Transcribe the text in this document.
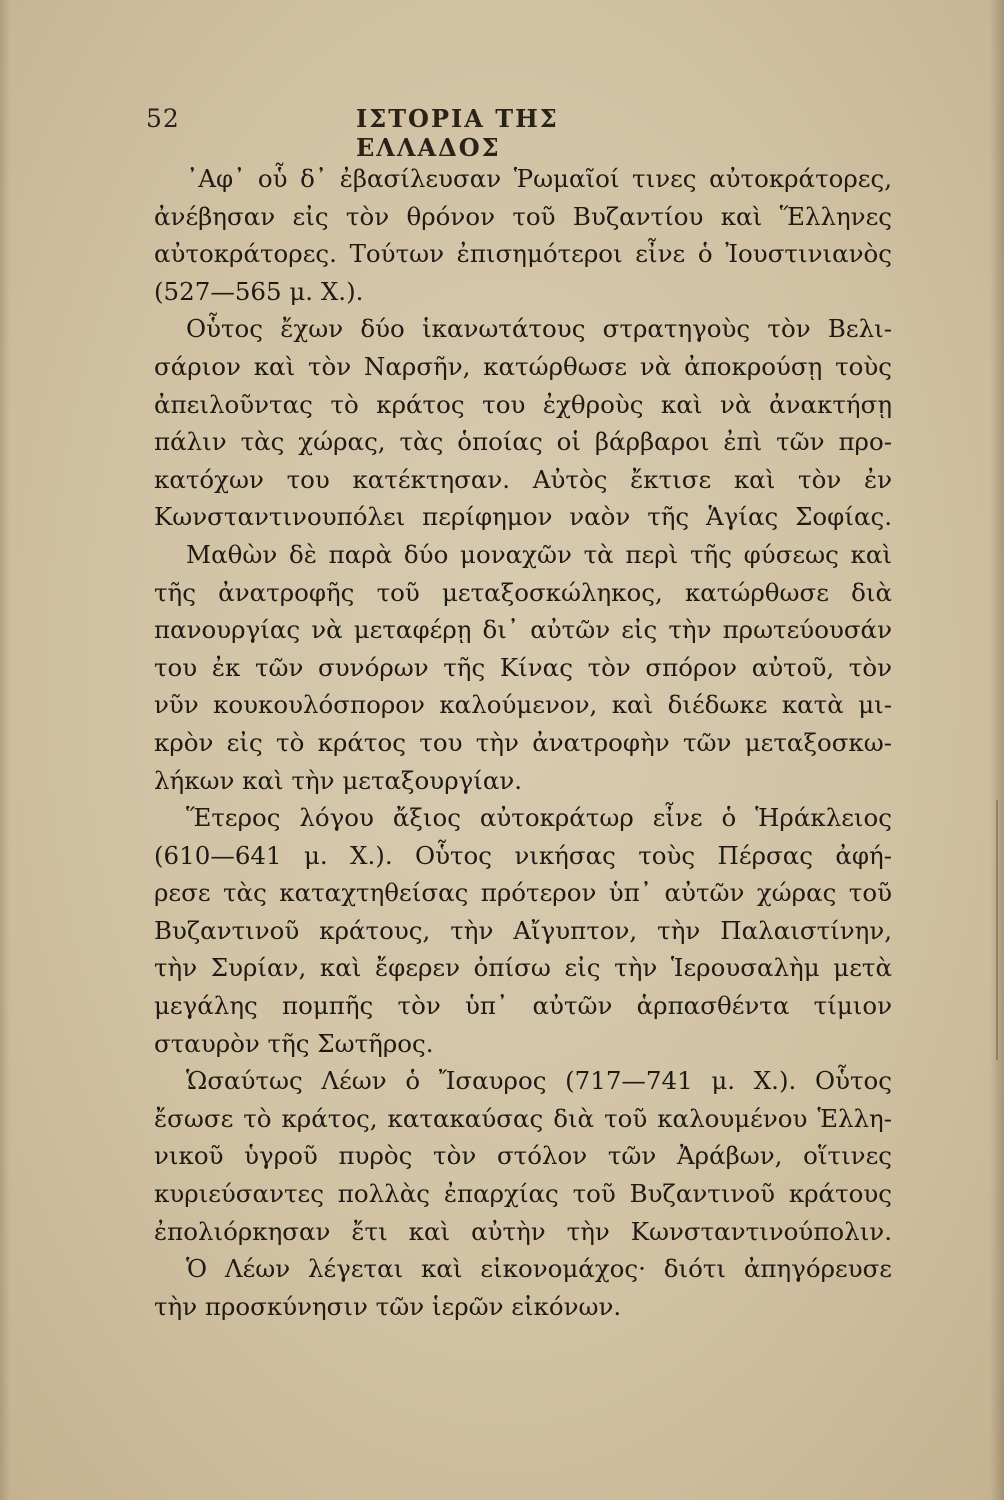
52	ΙΣΤΟΡΙΑ ΤΗΣ ΕΛΛΑΔΟΣ
᾿Αφ᾽ οὗ δ᾽ ἐβασίλευσαν Ῥωμαῖοί τινες αὐτοκράτορες,
ἀνέβησαν εἰς τὸν θρόνον τοῦ Βυζαντίου καὶ Ἕλληνες
αὐτοκράτορες. Τούτων ἐπισημότεροι εἶνε ὁ Ἰουστινιανὸς
(527—565 μ. Χ.).
Οὗτος ἔχων δύο ἱκανωτάτους στρατηγοὺς τὸν Βελι-
σάριον καὶ τὸν Ναρσῆν, κατώρθωσε νὰ ἀποκρούσῃ τοὺς
ἀπειλοῦντας τὸ κράτος του ἐχθροὺς καὶ νὰ ἀνακτήσῃ
πάλιν τὰς χώρας, τὰς ὁποίας οἱ βάρβαροι ἐπὶ τῶν προ-
κατόχων του κατέκτησαν. Αὐτὸς ἔκτισε καὶ τὸν ἐν
Κωνσταντινουπόλει περίφημον ναὸν τῆς Ἁγίας Σοφίας.
Μαθὼν δὲ παρὰ δύο μοναχῶν τὰ περὶ τῆς φύσεως καὶ
τῆς ἀνατροφῆς τοῦ μεταξοσκώληκος, κατώρθωσε διὰ
πανουργίας νὰ μεταφέρῃ δι᾽ αὐτῶν εἰς τὴν πρωτεύουσάν
του ἐκ τῶν συνόρων τῆς Κίνας τὸν σπόρον αὐτοῦ, τὸν
νῦν κουκουλόσπορον καλούμενον, καὶ διέδωκε κατὰ μι-
κρὸν εἰς τὸ κράτος του τὴν ἀνατροφὴν τῶν μεταξοσκω-
λήκων καὶ τὴν μεταξουργίαν.
Ἕτερος λόγου ἄξιος αὐτοκράτωρ εἶνε ὁ Ἡράκλειος
(610—641 μ. Χ.). Οὗτος νικήσας τοὺς Πέρσας ἀφή-
ρεσε τὰς καταχτηθείσας πρότερον ὑπ᾽ αὐτῶν χώρας τοῦ
Βυζαντινοῦ κράτους, τὴν Αἴγυπτον, τὴν Παλαιστίνην,
τὴν Συρίαν, καὶ ἔφερεν ὀπίσω εἰς τὴν Ἱερουσαλὴμ μετὰ
μεγάλης πομπῆς τὸν ὑπ᾽ αὐτῶν ἁρπασθέντα τίμιον
σταυρὸν τῆς Σωτῆρος.
Ὡσαύτως Λέων ὁ Ἴσαυρος (717—741 μ. Χ.). Οὗτος
ἔσωσε τὸ κράτος, κατακαύσας διὰ τοῦ καλουμένου Ἑλλη-
νικοῦ ὑγροῦ πυρὸς τὸν στόλον τῶν Ἀράβων, οἵτινες
κυριεύσαντες πολλὰς ἐπαρχίας τοῦ Βυζαντινοῦ κράτους
ἐπολιόρκησαν ἔτι καὶ αὐτὴν τὴν Κωνσταντινούπολιν.
Ὁ Λέων λέγεται καὶ εἰκονομάχος· διότι ἀπηγόρευσε
τὴν προσκύνησιν τῶν ἱερῶν εἰκόνων.
